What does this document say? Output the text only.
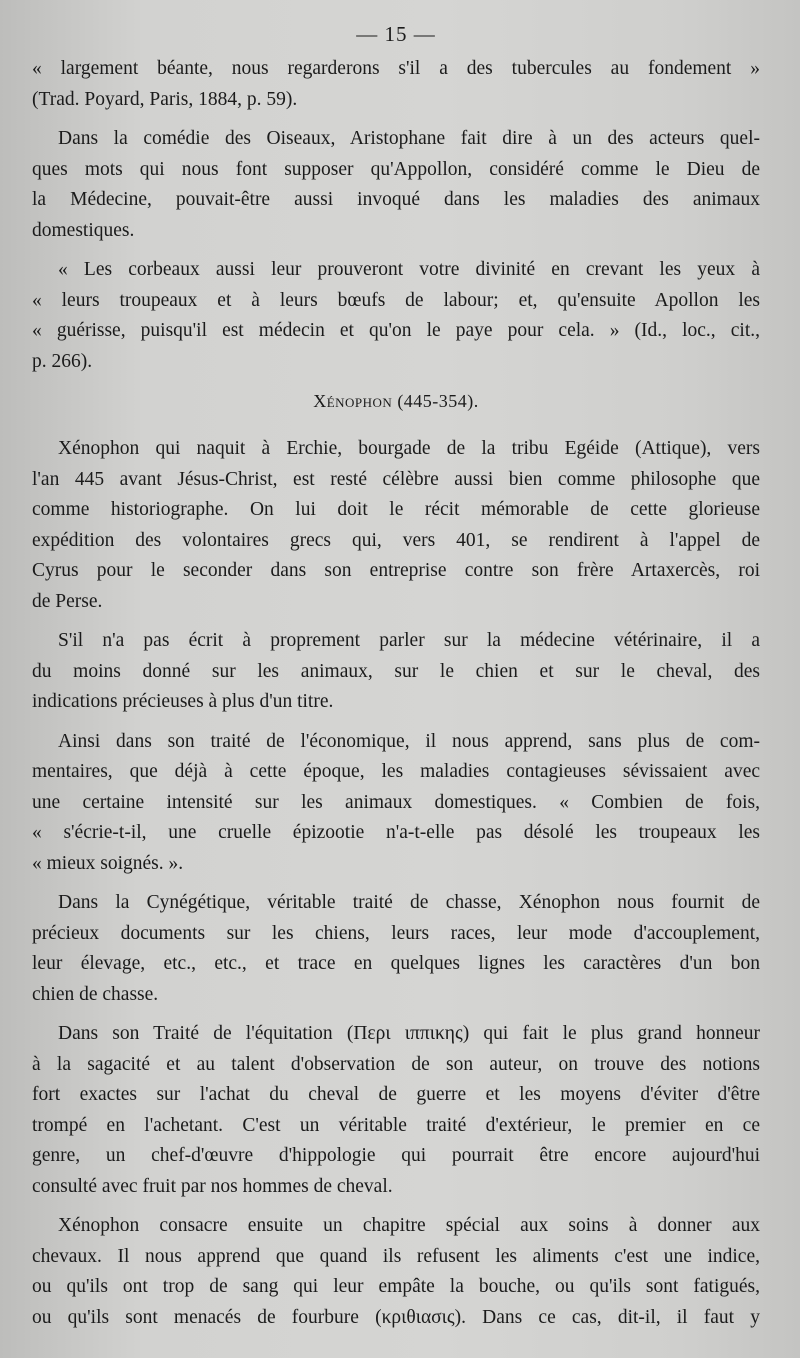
— 15 —
« largement béante, nous regarderons s'il a des tubercules au fondement »
(Trad. Poyard, Paris, 1884, p. 59).
Dans la comédie des Oiseaux, Aristophane fait dire à un des acteurs quel-
ques mots qui nous font supposer qu'Appollon, considéré comme le Dieu de
la Médecine, pouvait-être aussi invoqué dans les maladies des animaux
domestiques.
« Les corbeaux aussi leur prouveront votre divinité en crevant les yeux à
« leurs troupeaux et à leurs bœufs de labour; et, qu'ensuite Apollon les
« guérisse, puisqu'il est médecin et qu'on le paye pour cela. » (Id., loc., cit.,
p. 266).
Xénophon (445-354).
Xénophon qui naquit à Erchie, bourgade de la tribu Egéide (Attique), vers
l'an 445 avant Jésus-Christ, est resté célèbre aussi bien comme philosophe que
comme historiographe. On lui doit le récit mémorable de cette glorieuse
expédition des volontaires grecs qui, vers 401, se rendirent à l'appel de
Cyrus pour le seconder dans son entreprise contre son frère Artaxercès, roi
de Perse.
S'il n'a pas écrit à proprement parler sur la médecine vétérinaire, il a
du moins donné sur les animaux, sur le chien et sur le cheval, des
indications précieuses à plus d'un titre.
Ainsi dans son traité de l'économique, il nous apprend, sans plus de com-
mentaires, que déjà à cette époque, les maladies contagieuses sévissaient avec
une certaine intensité sur les animaux domestiques. « Combien de fois,
« s'écrie-t-il, une cruelle épizootie n'a-t-elle pas désolé les troupeaux les
« mieux soignés. ».
Dans la Cynégétique, véritable traité de chasse, Xénophon nous fournit de
précieux documents sur les chiens, leurs races, leur mode d'accouplement,
leur élevage, etc., etc., et trace en quelques lignes les caractères d'un bon
chien de chasse.
Dans son Traité de l'équitation (Περι ιππικης) qui fait le plus grand honneur
à la sagacité et au talent d'observation de son auteur, on trouve des notions
fort exactes sur l'achat du cheval de guerre et les moyens d'éviter d'être
trompé en l'achetant. C'est un véritable traité d'extérieur, le premier en ce
genre, un chef-d'œuvre d'hippologie qui pourrait être encore aujourd'hui
consulté avec fruit par nos hommes de cheval.
Xénophon consacre ensuite un chapitre spécial aux soins à donner aux
chevaux. Il nous apprend que quand ils refusent les aliments c'est une indice,
ou qu'ils ont trop de sang qui leur empâte la bouche, ou qu'ils sont fatigués,
ou qu'ils sont menacés de fourbure (κριθιασις). Dans ce cas, dit-il, il faut y
